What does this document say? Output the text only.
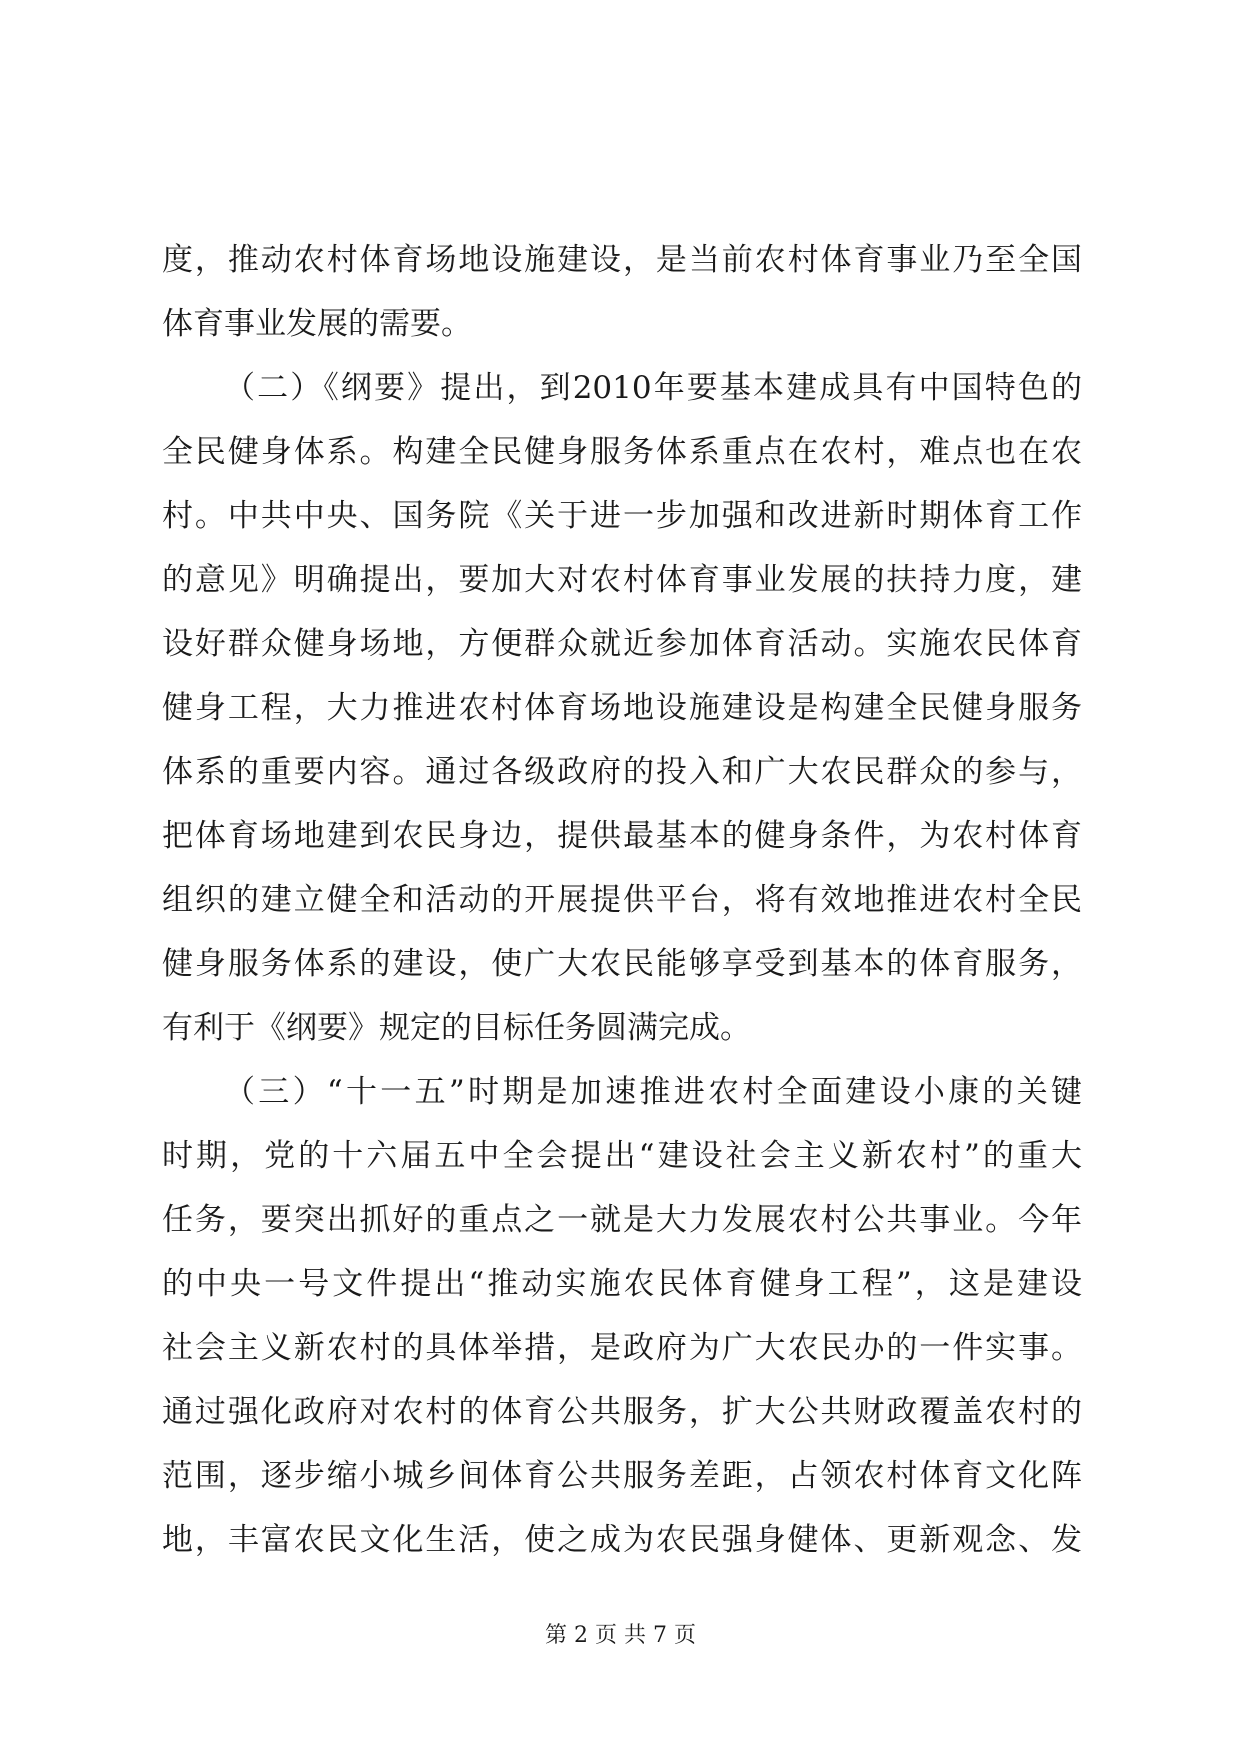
度，推动农村体育场地设施建设，是当前农村体育事业乃至全国
体育事业发展的需要。
（二）《纲要》提出，到2010年要基本建成具有中国特色的
全民健身体系。构建全民健身服务体系重点在农村，难点也在农
村。中共中央、国务院《关于进一步加强和改进新时期体育工作
的意见》明确提出，要加大对农村体育事业发展的扶持力度，建
设好群众健身场地，方便群众就近参加体育活动。实施农民体育
健身工程，大力推进农村体育场地设施建设是构建全民健身服务
体系的重要内容。通过各级政府的投入和广大农民群众的参与，
把体育场地建到农民身边，提供最基本的健身条件，为农村体育
组织的建立健全和活动的开展提供平台，将有效地推进农村全民
健身服务体系的建设，使广大农民能够享受到基本的体育服务，
有利于《纲要》规定的目标任务圆满完成。
（三）“十一五”时期是加速推进农村全面建设小康的关键
时期，党的十六届五中全会提出“建设社会主义新农村”的重大
任务，要突出抓好的重点之一就是大力发展农村公共事业。今年
的中央一号文件提出“推动实施农民体育健身工程”，这是建设
社会主义新农村的具体举措，是政府为广大农民办的一件实事。
通过强化政府对农村的体育公共服务，扩大公共财政覆盖农村的
范围，逐步缩小城乡间体育公共服务差距，占领农村体育文化阵
地，丰富农民文化生活，使之成为农民强身健体、更新观念、发
第 2 页 共 7 页
